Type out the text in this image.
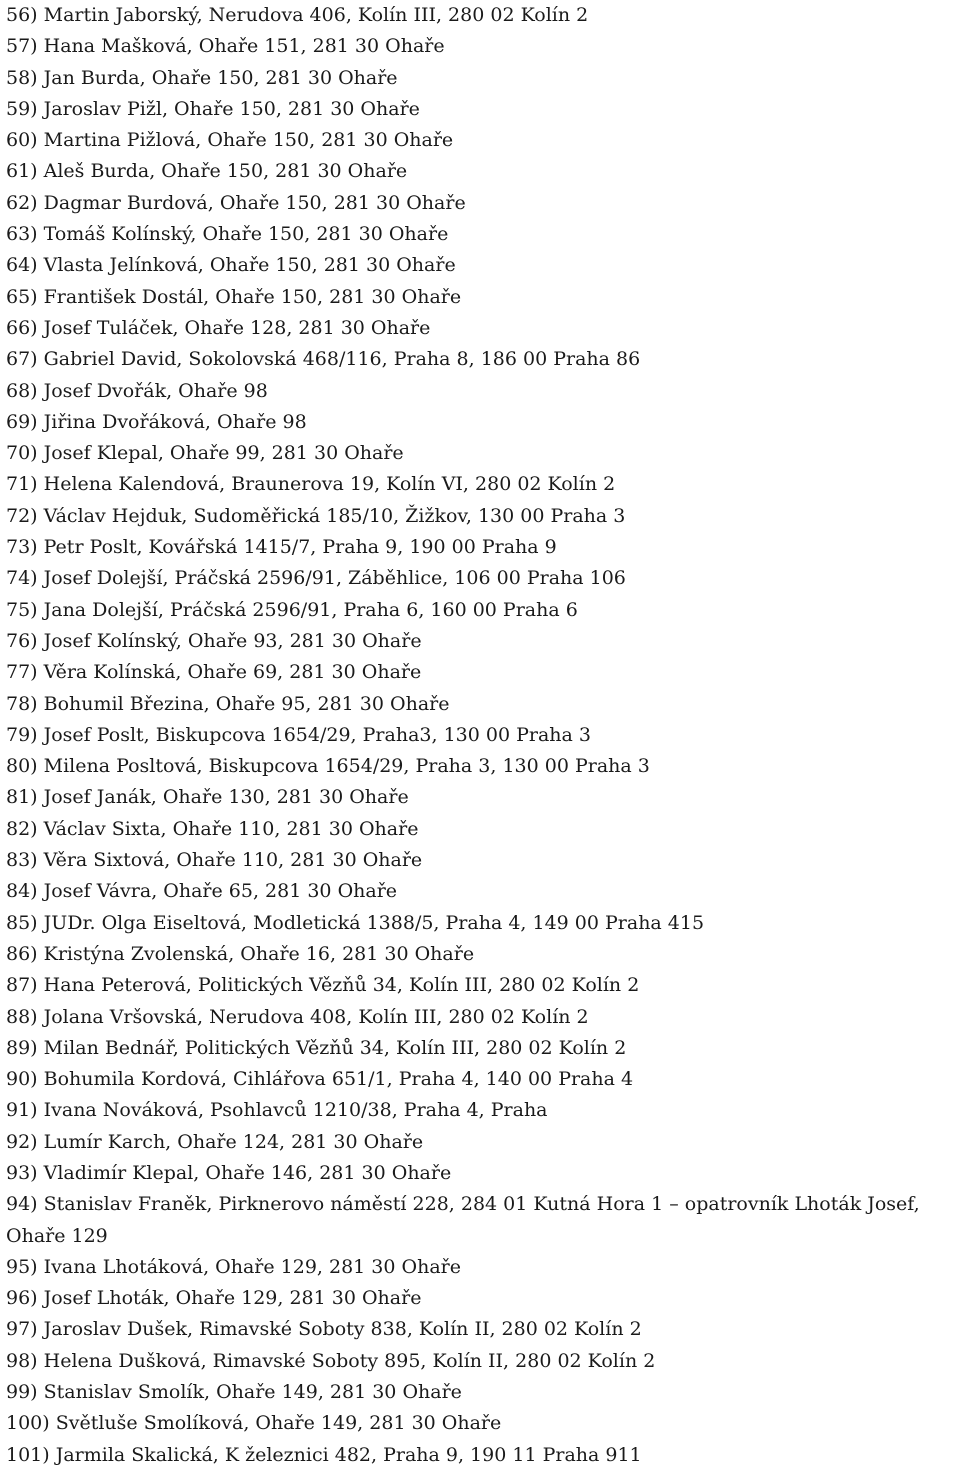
56) Martin Jaborský, Nerudova 406, Kolín III, 280 02 Kolín 2

57) Hana Mašková, Ohaře 151, 281 30 Ohaře

58) Jan Burda, Ohaře 150, 281 30 Ohaře

59) Jaroslav Pižl, Ohaře 150, 281 30 Ohaře

60) Martina Pižlová, Ohaře 150, 281 30 Ohaře

61) Aleš Burda, Ohaře 150, 281 30 Ohaře

62) Dagmar Burdová, Ohaře 150, 281 30 Ohaře

63) Tomáš Kolínský, Ohaře 150, 281 30 Ohaře

64) Vlasta Jelínková, Ohaře 150, 281 30 Ohaře

65) František Dostál, Ohaře 150, 281 30 Ohaře

66) Josef Tuláček, Ohaře 128, 281 30 Ohaře

67) Gabriel David, Sokolovská 468/116, Praha 8, 186 00 Praha 86

68) Josef Dvořák, Ohaře 98

69) Jiřina Dvořáková, Ohaře 98

70) Josef Klepal, Ohaře 99, 281 30 Ohaře

71) Helena Kalendová, Braunerova 19, Kolín VI, 280 02 Kolín 2

72) Václav Hejduk, Sudoměřická 185/10, Žižkov, 130 00 Praha 3

73) Petr Poslt, Kovářská 1415/7, Praha 9, 190 00 Praha 9

74) Josef Dolejší, Práčská 2596/91, Záběhlice, 106 00 Praha 106

75) Jana Dolejší, Práčská 2596/91, Praha 6, 160 00 Praha 6

76) Josef Kolínský, Ohaře 93, 281 30 Ohaře

77) Věra Kolínská, Ohaře 69, 281 30 Ohaře

78) Bohumil Březina, Ohaře 95, 281 30 Ohaře

79) Josef Poslt, Biskupcova 1654/29, Praha3, 130 00 Praha 3

80) Milena Posltová, Biskupcova 1654/29, Praha 3, 130 00 Praha 3

81) Josef Janák, Ohaře 130, 281 30 Ohaře

82) Václav Sixta, Ohaře 110, 281 30 Ohaře

83) Věra Sixtová, Ohaře 110, 281 30 Ohaře

84) Josef Vávra, Ohaře 65, 281 30 Ohaře

85) JUDr. Olga Eiseltová, Modletická 1388/5, Praha 4, 149 00 Praha 415

86) Kristýna Zvolenská, Ohaře 16, 281 30 Ohaře

87) Hana Peterová, Politických Vězňů 34, Kolín III, 280 02 Kolín 2

88) Jolana Vršovská, Nerudova 408, Kolín III, 280 02 Kolín 2

89) Milan Bednář, Politických Vězňů 34, Kolín III, 280 02 Kolín 2

90) Bohumila Kordová, Cihlářova 651/1, Praha 4, 140 00 Praha 4

91) Ivana Nováková, Psohlavců 1210/38, Praha 4, Praha

92) Lumír Karch, Ohaře 124, 281 30 Ohaře

93) Vladimír Klepal, Ohaře 146, 281 30 Ohaře

94) Stanislav Franěk, Pirknerovo náměstí 228, 284 01 Kutná Hora 1 – opatrovník Lhoták Josef, Ohaře 129

95) Ivana Lhotáková, Ohaře 129, 281 30 Ohaře

96) Josef Lhoták, Ohaře 129, 281 30 Ohaře

97) Jaroslav Dušek, Rimavské Soboty 838, Kolín II, 280 02 Kolín 2

98) Helena Dušková, Rimavské Soboty 895, Kolín II, 280 02 Kolín 2

99) Stanislav Smolík, Ohaře 149, 281 30 Ohaře

100) Světluše Smolíková, Ohaře 149, 281 30 Ohaře

101) Jarmila Skalická, K železnici 482, Praha 9, 190 11 Praha 911
